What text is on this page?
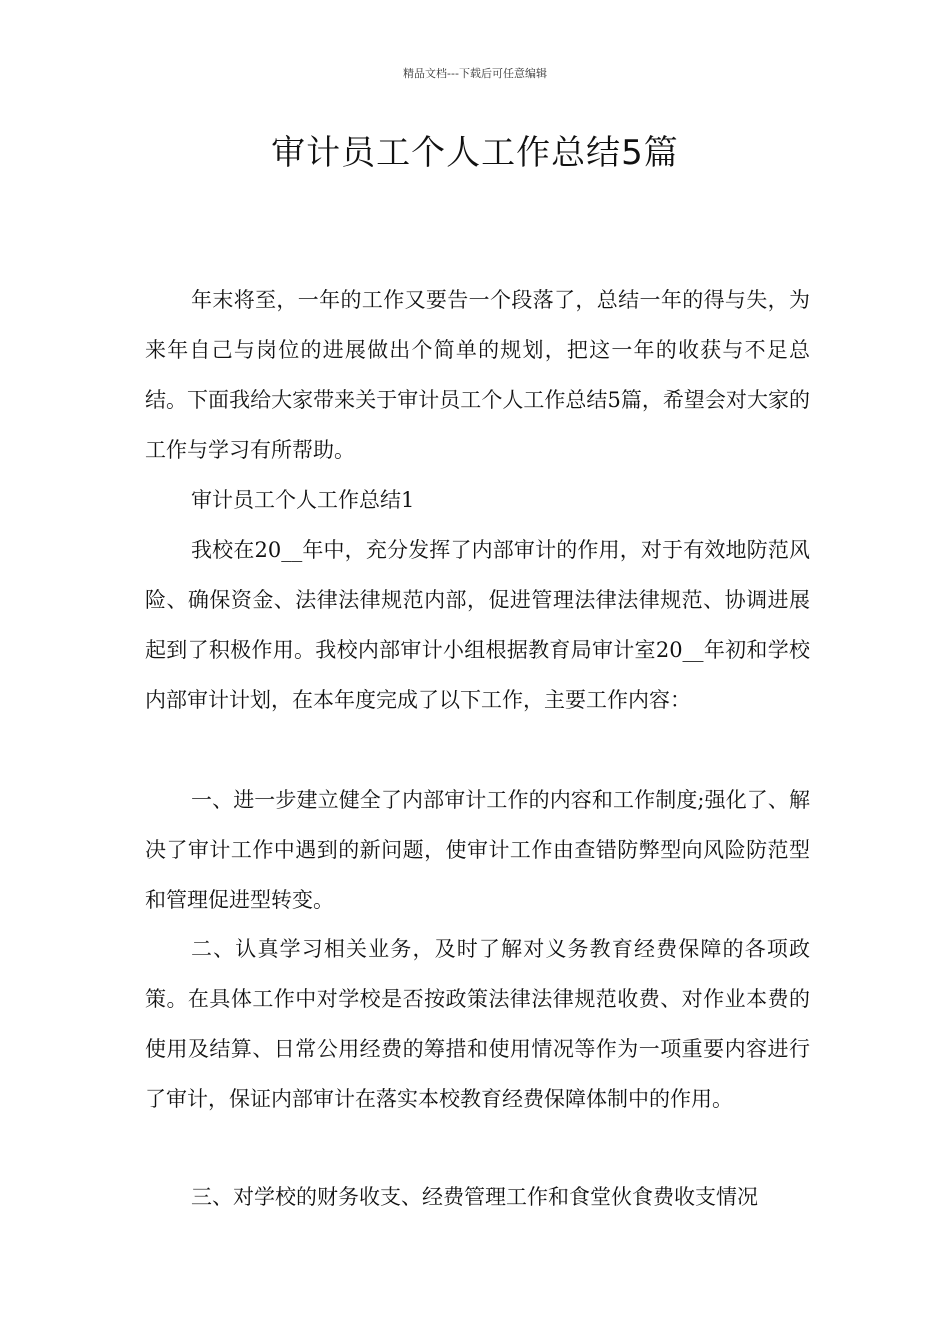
精品文档---下载后可任意编辑
审计员工个人工作总结5篇

年末将至，一年的工作又要告一个段落了，总结一年的得与失，为来年自己与岗位的进展做出个简单的规划，把这一年的收获与不足总结。下面我给大家带来关于审计员工个人工作总结5篇，希望会对大家的工作与学习有所帮助。

审计员工个人工作总结1

我校在20__年中，充分发挥了内部审计的作用，对于有效地防范风险、确保资金、法律法律规范内部，促进管理法律法律规范、协调进展起到了积极作用。我校内部审计小组根据教育局审计室20__年初和学校内部审计计划，在本年度完成了以下工作，主要工作内容：

一、进一步建立健全了内部审计工作的内容和工作制度;强化了、解决了审计工作中遇到的新问题，使审计工作由查错防弊型向风险防范型和管理促进型转变。

二、认真学习相关业务，及时了解对义务教育经费保障的各项政策。在具体工作中对学校是否按政策法律法律规范收费、对作业本费的使用及结算、日常公用经费的筹措和使用情况等作为一项重要内容进行了审计，保证内部审计在落实本校教育经费保障体制中的作用。

三、对学校的财务收支、经费管理工作和食堂伙食费收支情况
